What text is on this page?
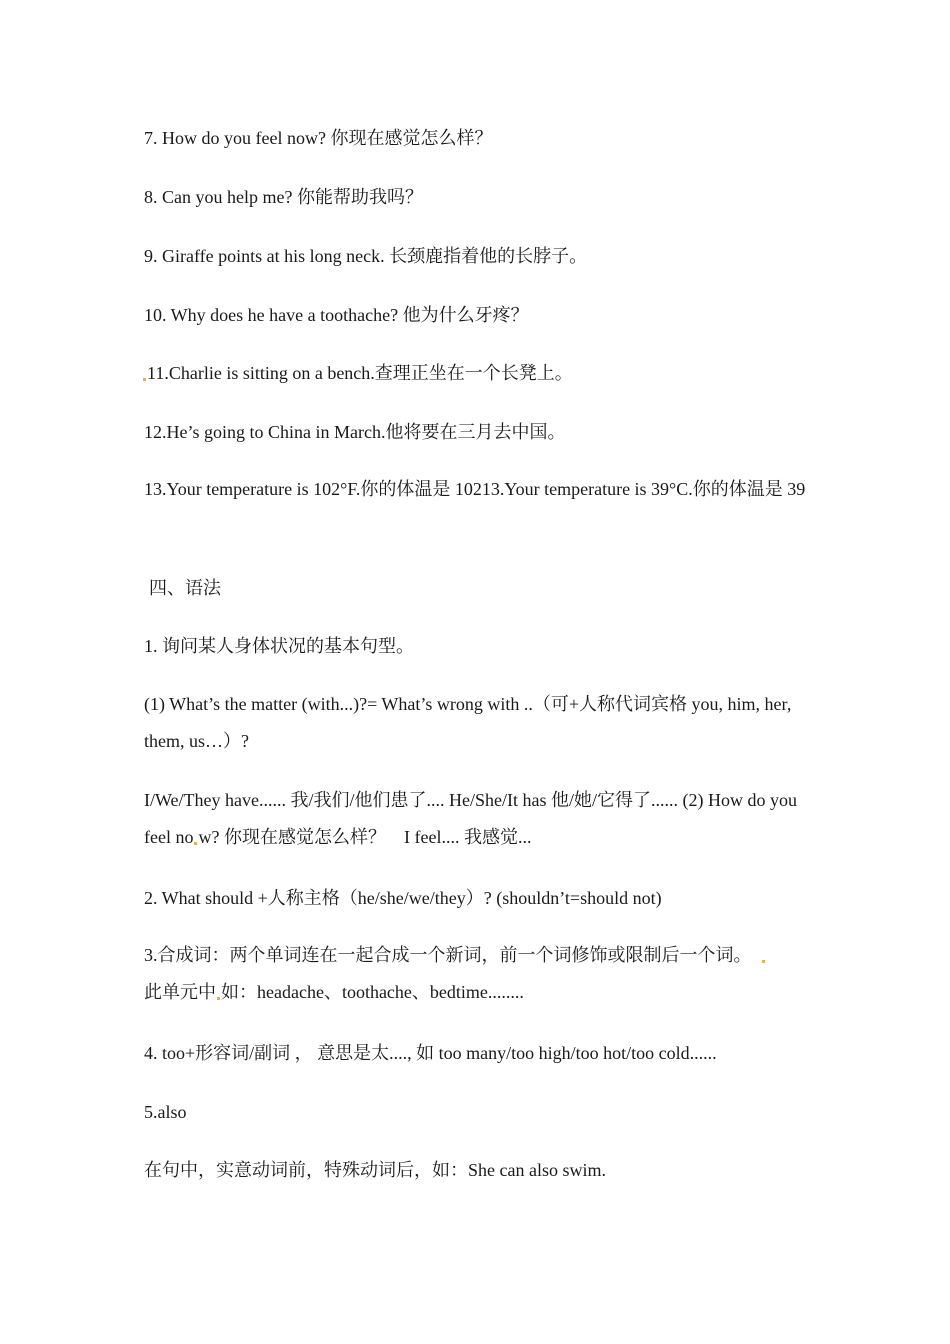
7. How do you feel now? 你现在感觉怎么样？
8. Can you help me? 你能帮助我吗？
9. Giraffe points at his long neck. 长颈鹿指着他的长脖子。
10. Why does he have a toothache? 他为什么牙疼？
11.Charlie is sitting on a bench.查理正坐在一个长凳上。
12.He’s going to China in March.他将要在三月去中国。
13.Your temperature is 102°F.你的体温是 10213.Your temperature is 39°C.你的体温是 39
四、语法
1. 询问某人身体状况的基本句型。
(1) What’s the matter (with...)?= What’s wrong with ..（可+人称代词宾格 you, him, her, them, us…）?
I/We/They have...... 我/我们/他们患了.... He/She/It has 他/她/它得了...... (2) How do you feel no w? 你现在感觉怎么样？　I feel.... 我感觉...
2. What should +人称主格（he/she/we/they）? (shouldn’t=should not)
3.合成词：两个单词连在一起合成一个新词，前一个词修饰或限制后一个词。
此单元中 如：headache、toothache、bedtime........
4. too+形容词/副词 ， 意思是太...., 如 too many/too high/too hot/too cold......
5.also
在句中，实意动词前，特殊动词后，如：She can also swim.
